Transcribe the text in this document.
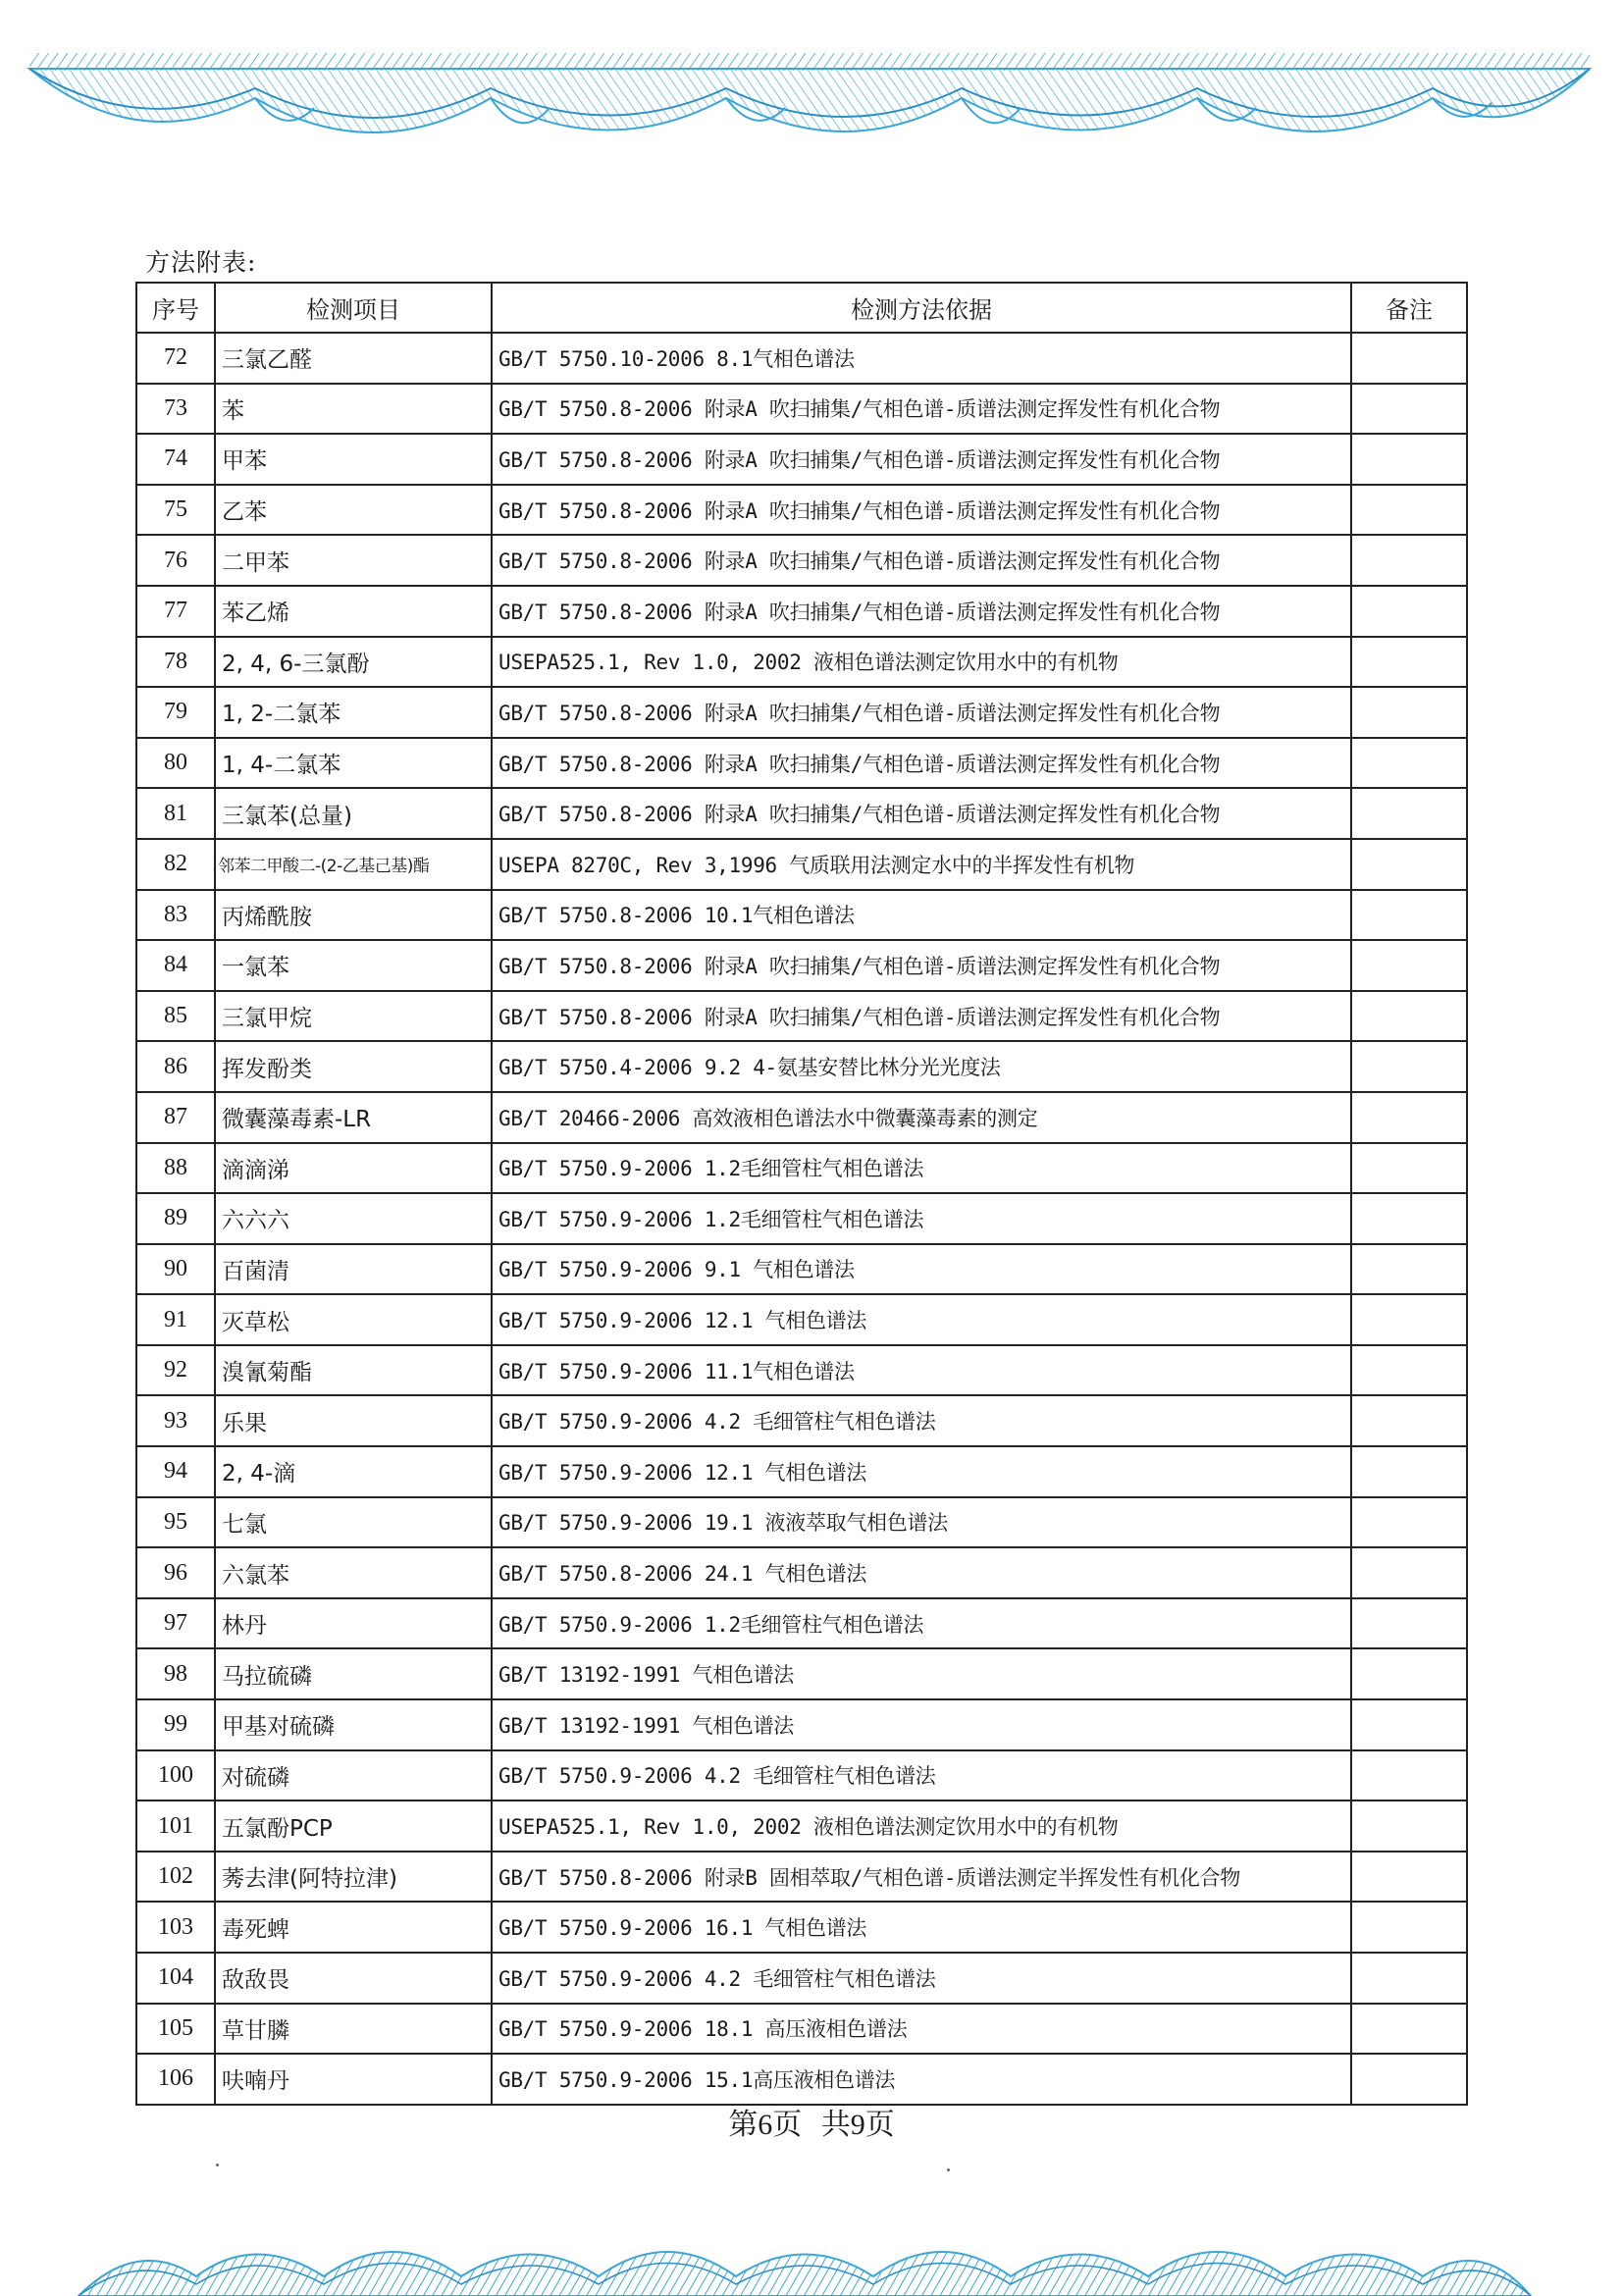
方法附表:
序号	检测项目	检测方法依据	备注
72	三氯乙醛	GB/T 5750.10-2006 8.1气相色谱法	
73	苯	GB/T 5750.8-2006 附录A 吹扫捕集/气相色谱-质谱法测定挥发性有机化合物	
74	甲苯	GB/T 5750.8-2006 附录A 吹扫捕集/气相色谱-质谱法测定挥发性有机化合物	
75	乙苯	GB/T 5750.8-2006 附录A 吹扫捕集/气相色谱-质谱法测定挥发性有机化合物	
76	二甲苯	GB/T 5750.8-2006 附录A 吹扫捕集/气相色谱-质谱法测定挥发性有机化合物	
77	苯乙烯	GB/T 5750.8-2006 附录A 吹扫捕集/气相色谱-质谱法测定挥发性有机化合物	
78	2, 4, 6-三氯酚	USEPA525.1, Rev 1.0, 2002 液相色谱法测定饮用水中的有机物	
79	1, 2-二氯苯	GB/T 5750.8-2006 附录A 吹扫捕集/气相色谱-质谱法测定挥发性有机化合物	
80	1, 4-二氯苯	GB/T 5750.8-2006 附录A 吹扫捕集/气相色谱-质谱法测定挥发性有机化合物	
81	三氯苯(总量)	GB/T 5750.8-2006 附录A 吹扫捕集/气相色谱-质谱法测定挥发性有机化合物	
82	邻苯二甲酸二-(2-乙基己基)酯	USEPA 8270C, Rev 3,1996 气质联用法测定水中的半挥发性有机物	
83	丙烯酰胺	GB/T 5750.8-2006 10.1气相色谱法	
84	一氯苯	GB/T 5750.8-2006 附录A 吹扫捕集/气相色谱-质谱法测定挥发性有机化合物	
85	三氯甲烷	GB/T 5750.8-2006 附录A 吹扫捕集/气相色谱-质谱法测定挥发性有机化合物	
86	挥发酚类	GB/T 5750.4-2006 9.2 4-氨基安替比林分光光度法	
87	微囊藻毒素-LR	GB/T 20466-2006 高效液相色谱法水中微囊藻毒素的测定	
88	滴滴涕	GB/T 5750.9-2006 1.2毛细管柱气相色谱法	
89	六六六	GB/T 5750.9-2006 1.2毛细管柱气相色谱法	
90	百菌清	GB/T 5750.9-2006 9.1 气相色谱法	
91	灭草松	GB/T 5750.9-2006 12.1 气相色谱法	
92	溴氰菊酯	GB/T 5750.9-2006 11.1气相色谱法	
93	乐果	GB/T 5750.9-2006 4.2 毛细管柱气相色谱法	
94	2, 4-滴	GB/T 5750.9-2006 12.1 气相色谱法	
95	七氯	GB/T 5750.9-2006 19.1 液液萃取气相色谱法	
96	六氯苯	GB/T 5750.8-2006 24.1 气相色谱法	
97	林丹	GB/T 5750.9-2006 1.2毛细管柱气相色谱法	
98	马拉硫磷	GB/T 13192-1991 气相色谱法	
99	甲基对硫磷	GB/T 13192-1991 气相色谱法	
100	对硫磷	GB/T 5750.9-2006 4.2 毛细管柱气相色谱法	
101	五氯酚PCP	USEPA525.1, Rev 1.0, 2002 液相色谱法测定饮用水中的有机物	
102	莠去津(阿特拉津)	GB/T 5750.8-2006 附录B 固相萃取/气相色谱-质谱法测定半挥发性有机化合物	
103	毒死蜱	GB/T 5750.9-2006 16.1 气相色谱法	
104	敌敌畏	GB/T 5750.9-2006 4.2 毛细管柱气相色谱法	
105	草甘膦	GB/T 5750.9-2006 18.1 高压液相色谱法	
106	呋喃丹	GB/T 5750.9-2006 15.1高压液相色谱法	
第6页 共9页
